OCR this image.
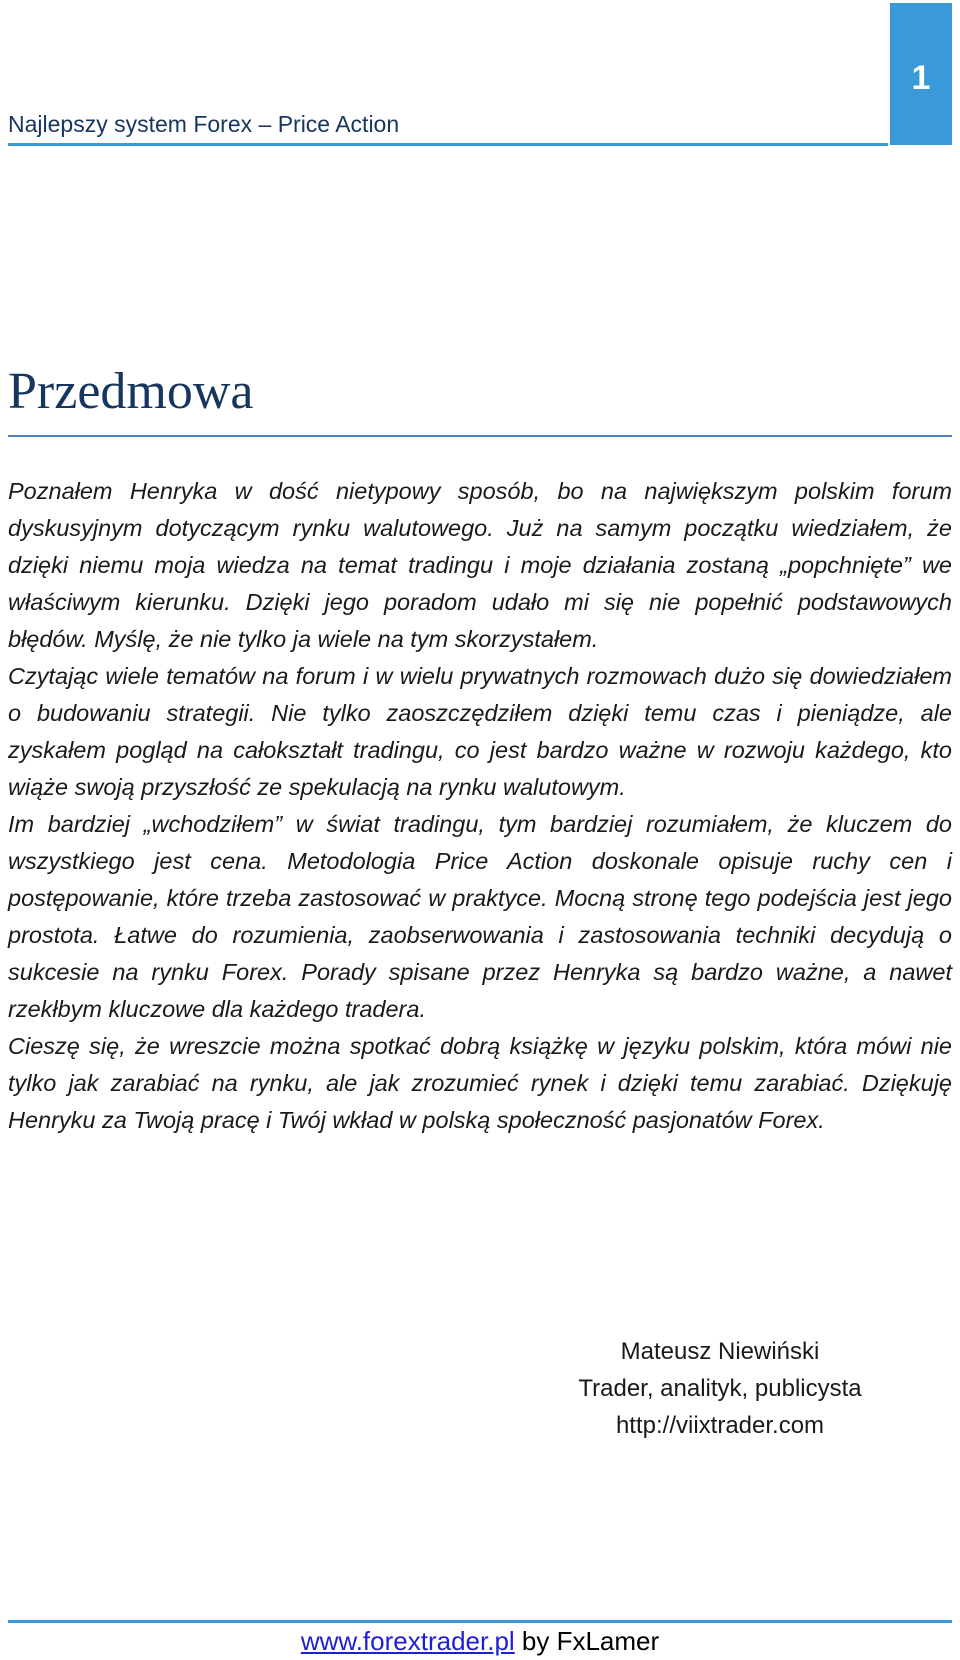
1
Najlepszy system Forex – Price Action
Przedmowa

Poznałem Henryka w dość nietypowy sposób, bo na największym polskim forum dyskusyjnym dotyczącym rynku walutowego. Już na samym początku wiedziałem, że dzięki niemu moja wiedza na temat tradingu i moje działania zostaną „popchnięte” we właściwym kierunku. Dzięki jego poradom udało mi się nie popełnić podstawowych błędów. Myślę, że nie tylko ja wiele na tym skorzystałem.

Czytając wiele tematów na forum i w wielu prywatnych rozmowach dużo się dowiedziałem o budowaniu strategii. Nie tylko zaoszczędziłem dzięki temu czas i pieniądze, ale zyskałem pogląd na całokształt tradingu, co jest bardzo ważne w rozwoju każdego, kto wiąże swoją przyszłość ze spekulacją na rynku walutowym.

Im bardziej „wchodziłem” w świat tradingu, tym bardziej rozumiałem, że kluczem do wszystkiego jest cena. Metodologia Price Action doskonale opisuje ruchy cen i postępowanie, które trzeba zastosować w praktyce. Mocną stronę tego podejścia jest jego prostota. Łatwe do rozumienia, zaobserwowania i zastosowania techniki decydują o sukcesie na rynku Forex. Porady spisane przez Henryka są bardzo ważne, a nawet rzekłbym kluczowe dla każdego tradera.

Cieszę się, że wreszcie można spotkać dobrą książkę w języku polskim, która mówi nie tylko jak zarabiać na rynku, ale jak zrozumieć rynek i dzięki temu zarabiać. Dziękuję Henryku za Twoją pracę i Twój wkład w polską społeczność pasjonatów Forex.

Mateusz Niewiński
Trader, analityk, publicysta
http://viixtrader.com
www.forextrader.pl by FxLamer
